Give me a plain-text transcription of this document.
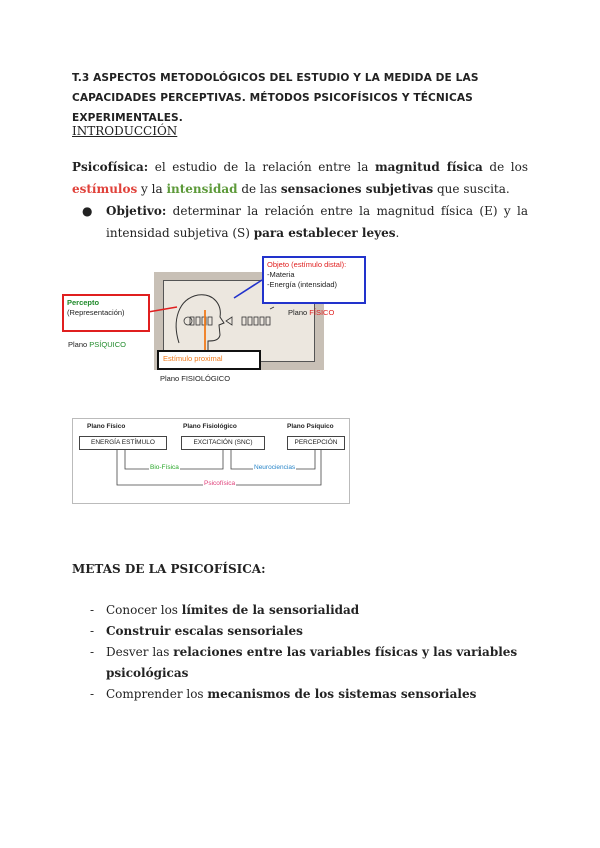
T.3 ASPECTOS METODOLÓGICOS DEL ESTUDIO Y LA MEDIDA DE LAS CAPACIDADES PERCEPTIVAS. MÉTODOS PSICOFÍSICOS Y TÉCNICAS EXPERIMENTALES.
INTRODUCCIÓN
Psicofísica: el estudio de la relación entre la magnitud física de los estímulos y la intensidad de las sensaciones subjetivas que suscita.
●	Objetivo: determinar la relación entre la magnitud física (E) y la intensidad subjetiva (S) para establecer leyes.
Percepto
(Representación)
Plano PSÍQUICO
Objeto (estímulo distal):
-Materia
-Energía (intensidad)
Plano FÍSICO
Estímulo proximal
Plano FISIOLÓGICO
Plano Físico	Plano Fisiológico	Plano Psíquico
ENERGÍA ESTÍMULO	EXCITACIÓN (SNC)	PERCEPCIÓN
Bio-Física	Neurociencias
Psicofísica
METAS DE LA PSICOFÍSICA:
- Conocer los límites de la sensorialidad
- Construir escalas sensoriales
- Desver las relaciones entre las variables físicas y las variables psicológicas
- Comprender los mecanismos de los sistemas sensoriales
